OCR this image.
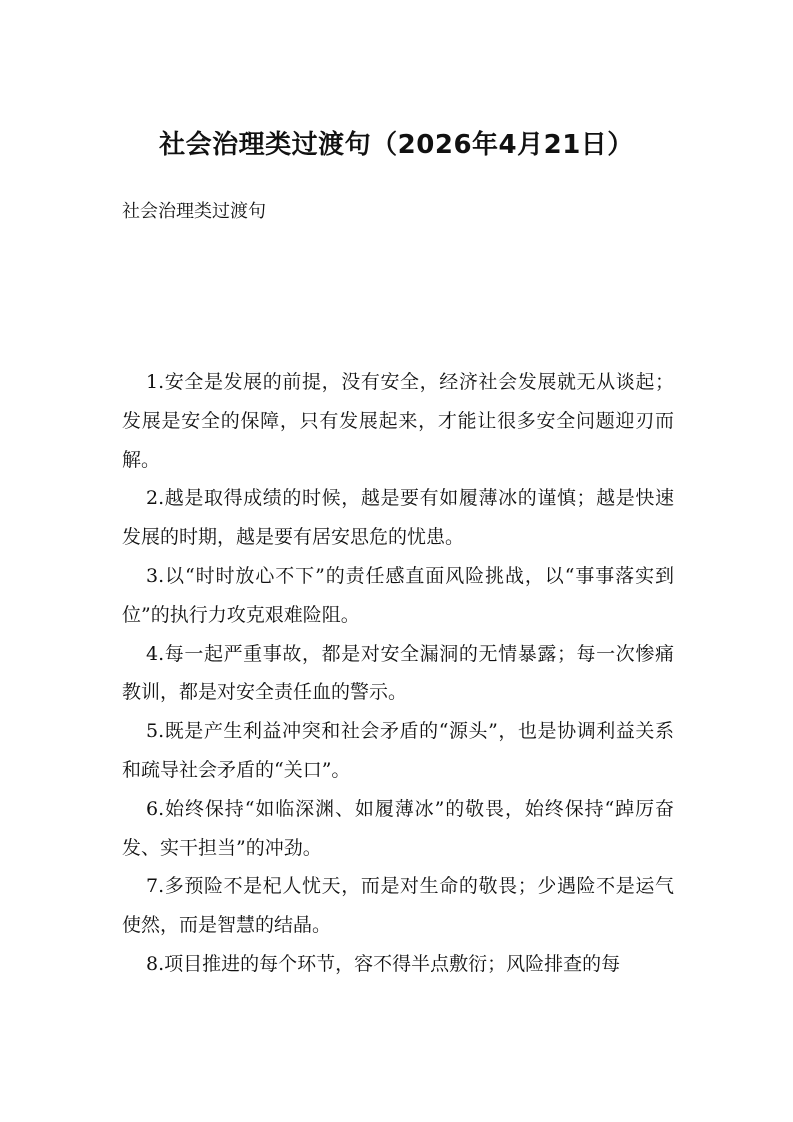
社会治理类过渡句（2026年4月21日）

社会治理类过渡句

1.安全是发展的前提，没有安全，经济社会发展就无从谈起；发展是安全的保障，只有发展起来，才能让很多安全问题迎刃而解。

2.越是取得成绩的时候，越是要有如履薄冰的谨慎；越是快速发展的时期，越是要有居安思危的忧患。

3.以“时时放心不下”的责任感直面风险挑战，以“事事落实到位”的执行力攻克艰难险阻。

4.每一起严重事故，都是对安全漏洞的无情暴露；每一次惨痛教训，都是对安全责任血的警示。

5.既是产生利益冲突和社会矛盾的“源头”，也是协调利益关系和疏导社会矛盾的“关口”。

6.始终保持“如临深渊、如履薄冰”的敬畏，始终保持“踔厉奋发、实干担当”的冲劲。

7.多预险不是杞人忧天，而是对生命的敬畏；少遇险不是运气使然，而是智慧的结晶。

8.项目推进的每个环节，容不得半点敷衍；风险排查的每
